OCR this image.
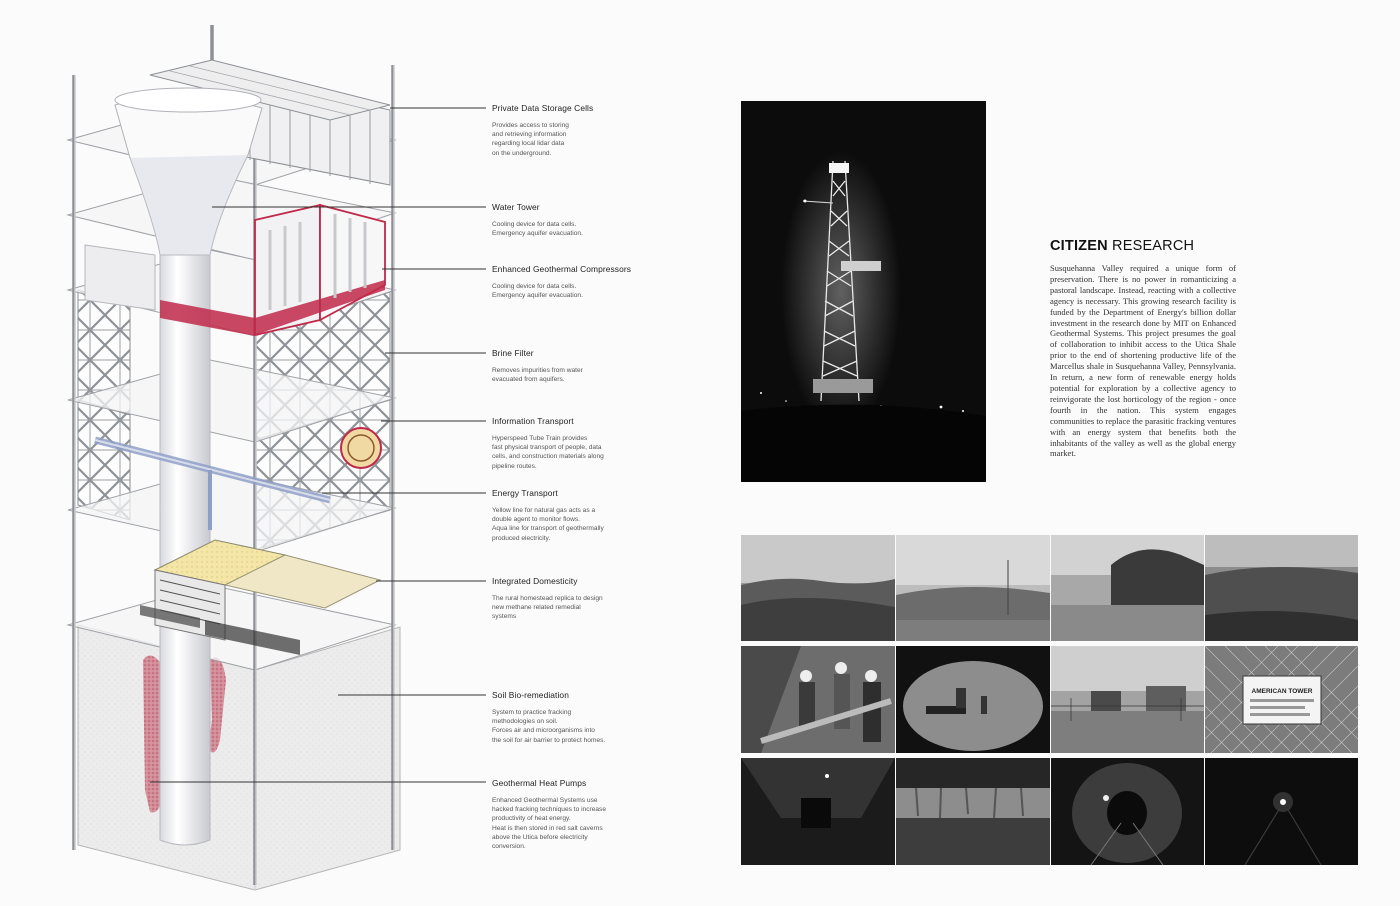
Private Data Storage Cells

Provides access to storing
and retrieving information
regarding local lidar data
on the underground.

Water Tower

Cooling device for data cells.
Emergency aquifer evacuation.

Enhanced Geothermal Compressors

Cooling device for data cells.
Emergency aquifer evacuation.

Brine Filter

Removes impurities from water
evacuated from aquifers.

Information Transport

Hyperspeed Tube Train provides
fast physical transport of people, data
cells, and construction materials along
pipeline routes.

Energy Transport

Yellow line for natural gas acts as a
double agent to monitor flows.
Aqua line for transport of geothermally
produced electricity.

Integrated Domesticity

The rural homestead replica to design
new methane related remedial
systems

Soil Bio-remediation

System to practice fracking
methodologies on soil.
Forces air and microorganisms into
the soil for air barrier to protect homes.

Geothermal Heat Pumps

Enhanced Geothermal Systems use
hacked fracking techniques to increase
productivity of heat energy.
Heat is then stored in red salt caverns
above the Utica before electricity
conversion.

CITIZEN RESEARCH

Susquehanna Valley required a unique form of preservation. There is no power in romanticizing a pastoral landscape. Instead, reacting with a collective agency is necessary. This growing research facility is funded by the Department of Energy's billion dollar investment in the research done by MIT on Enhanced Geothermal Systems. This project presumes the goal of collaboration to inhibit access to the Utica Shale prior to the end of shortening productive life of the Marcellus shale in Susquehanna Valley, Pennsylvania. In return, a new form of renewable energy holds potential for exploration by a collective agency to reinvigorate the lost horticology of the region - once fourth in the nation. This system engages communities to replace the parasitic fracking ventures with an energy system that benefits both the inhabitants of the valley as well as the global energy market.

AMERICAN TOWER
